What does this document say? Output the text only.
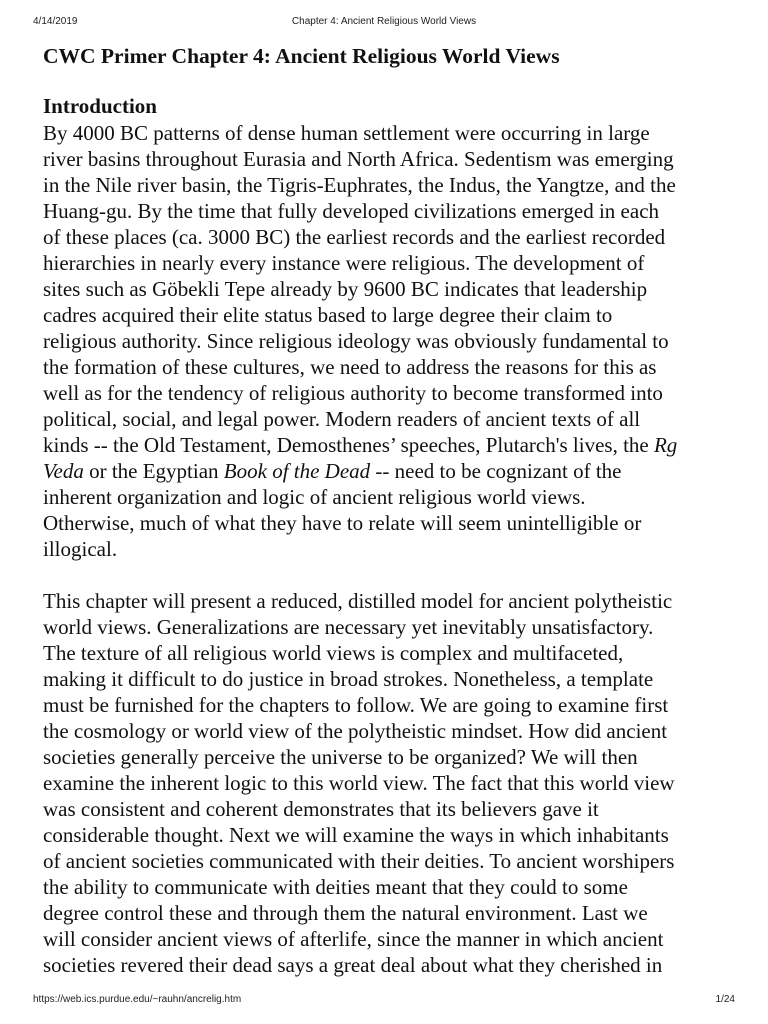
4/14/2019	Chapter 4: Ancient Religious World Views
CWC Primer Chapter 4: Ancient Religious World Views
Introduction

By 4000 BC patterns of dense human settlement were occurring in large
river basins throughout Eurasia and North Africa. Sedentism was emerging
in the Nile river basin, the Tigris-Euphrates, the Indus, the Yangtze, and the
Huang-gu. By the time that fully developed civilizations emerged in each
of these places (ca. 3000 BC) the earliest records and the earliest recorded
hierarchies in nearly every instance were religious. The development of
sites such as Göbekli Tepe already by 9600 BC indicates that leadership
cadres acquired their elite status based to large degree their claim to
religious authority. Since religious ideology was obviously fundamental to
the formation of these cultures, we need to address the reasons for this as
well as for the tendency of religious authority to become transformed into
political, social, and legal power. Modern readers of ancient texts of all
kinds -- the Old Testament, Demosthenes’ speeches, Plutarch's lives, the Rg
Veda or the Egyptian Book of the Dead -- need to be cognizant of the
inherent organization and logic of ancient religious world views.
Otherwise, much of what they have to relate will seem unintelligible or
illogical.

This chapter will present a reduced, distilled model for ancient polytheistic
world views. Generalizations are necessary yet inevitably unsatisfactory.
The texture of all religious world views is complex and multifaceted,
making it difficult to do justice in broad strokes. Nonetheless, a template
must be furnished for the chapters to follow. We are going to examine first
the cosmology or world view of the polytheistic mindset. How did ancient
societies generally perceive the universe to be organized? We will then
examine the inherent logic to this world view. The fact that this world view
was consistent and coherent demonstrates that its believers gave it
considerable thought. Next we will examine the ways in which inhabitants
of ancient societies communicated with their deities. To ancient worshipers
the ability to communicate with deities meant that they could to some
degree control these and through them the natural environment. Last we
will consider ancient views of afterlife, since the manner in which ancient
societies revered their dead says a great deal about what they cherished in

https://web.ics.purdue.edu/~rauhn/ancrelig.htm	1/24
